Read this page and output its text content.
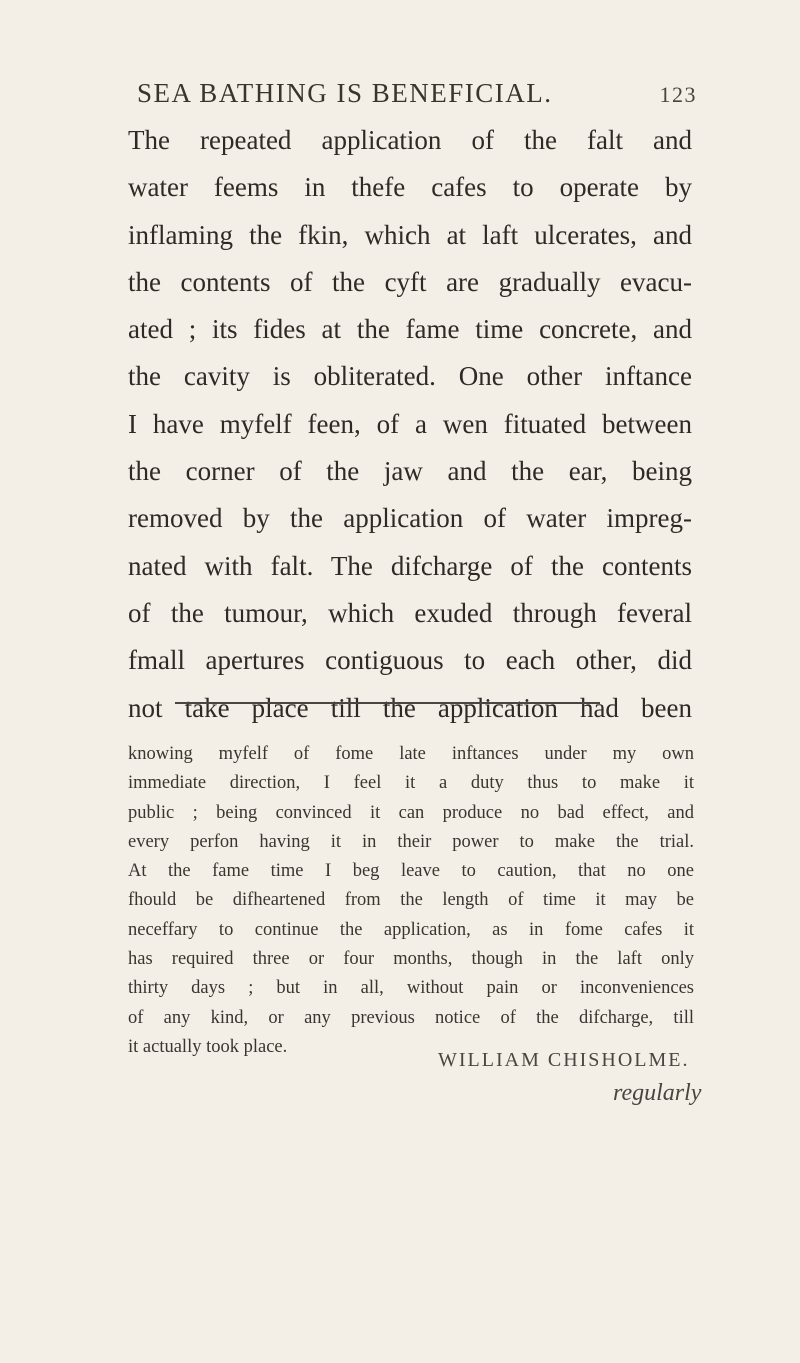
SEA BATHING IS BENEFICIAL.	123
The repeated application of the falt and
water feems in thefe cafes to operate by
inflaming the fkin, which at laft ulcerates, and
the contents of the cyft are gradually evacu-
ated ; its fides at the fame time concrete, and
the cavity is obliterated. One other inftance
I have myfelf feen, of a wen fituated between
the corner of the jaw and the ear, being
removed by the application of water impreg-
nated with falt. The difcharge of the contents
of the tumour, which exuded through feveral
fmall apertures contiguous to each other, did
not take place till the application had been
knowing myfelf of fome late inftances under my own
immediate direction, I feel it a duty thus to make it
public ; being convinced it can produce no bad effect, and
every perfon having it in their power to make the trial.
At the fame time I beg leave to caution, that no one
fhould be difheartened from the length of time it may be
neceffary to continue the application, as in fome cafes it
has required three or four months, though in the laft only
thirty days ; but in all, without pain or inconveniences
of any kind, or any previous notice of the difcharge, till
it actually took place.
WILLIAM CHISHOLME.
regularly
